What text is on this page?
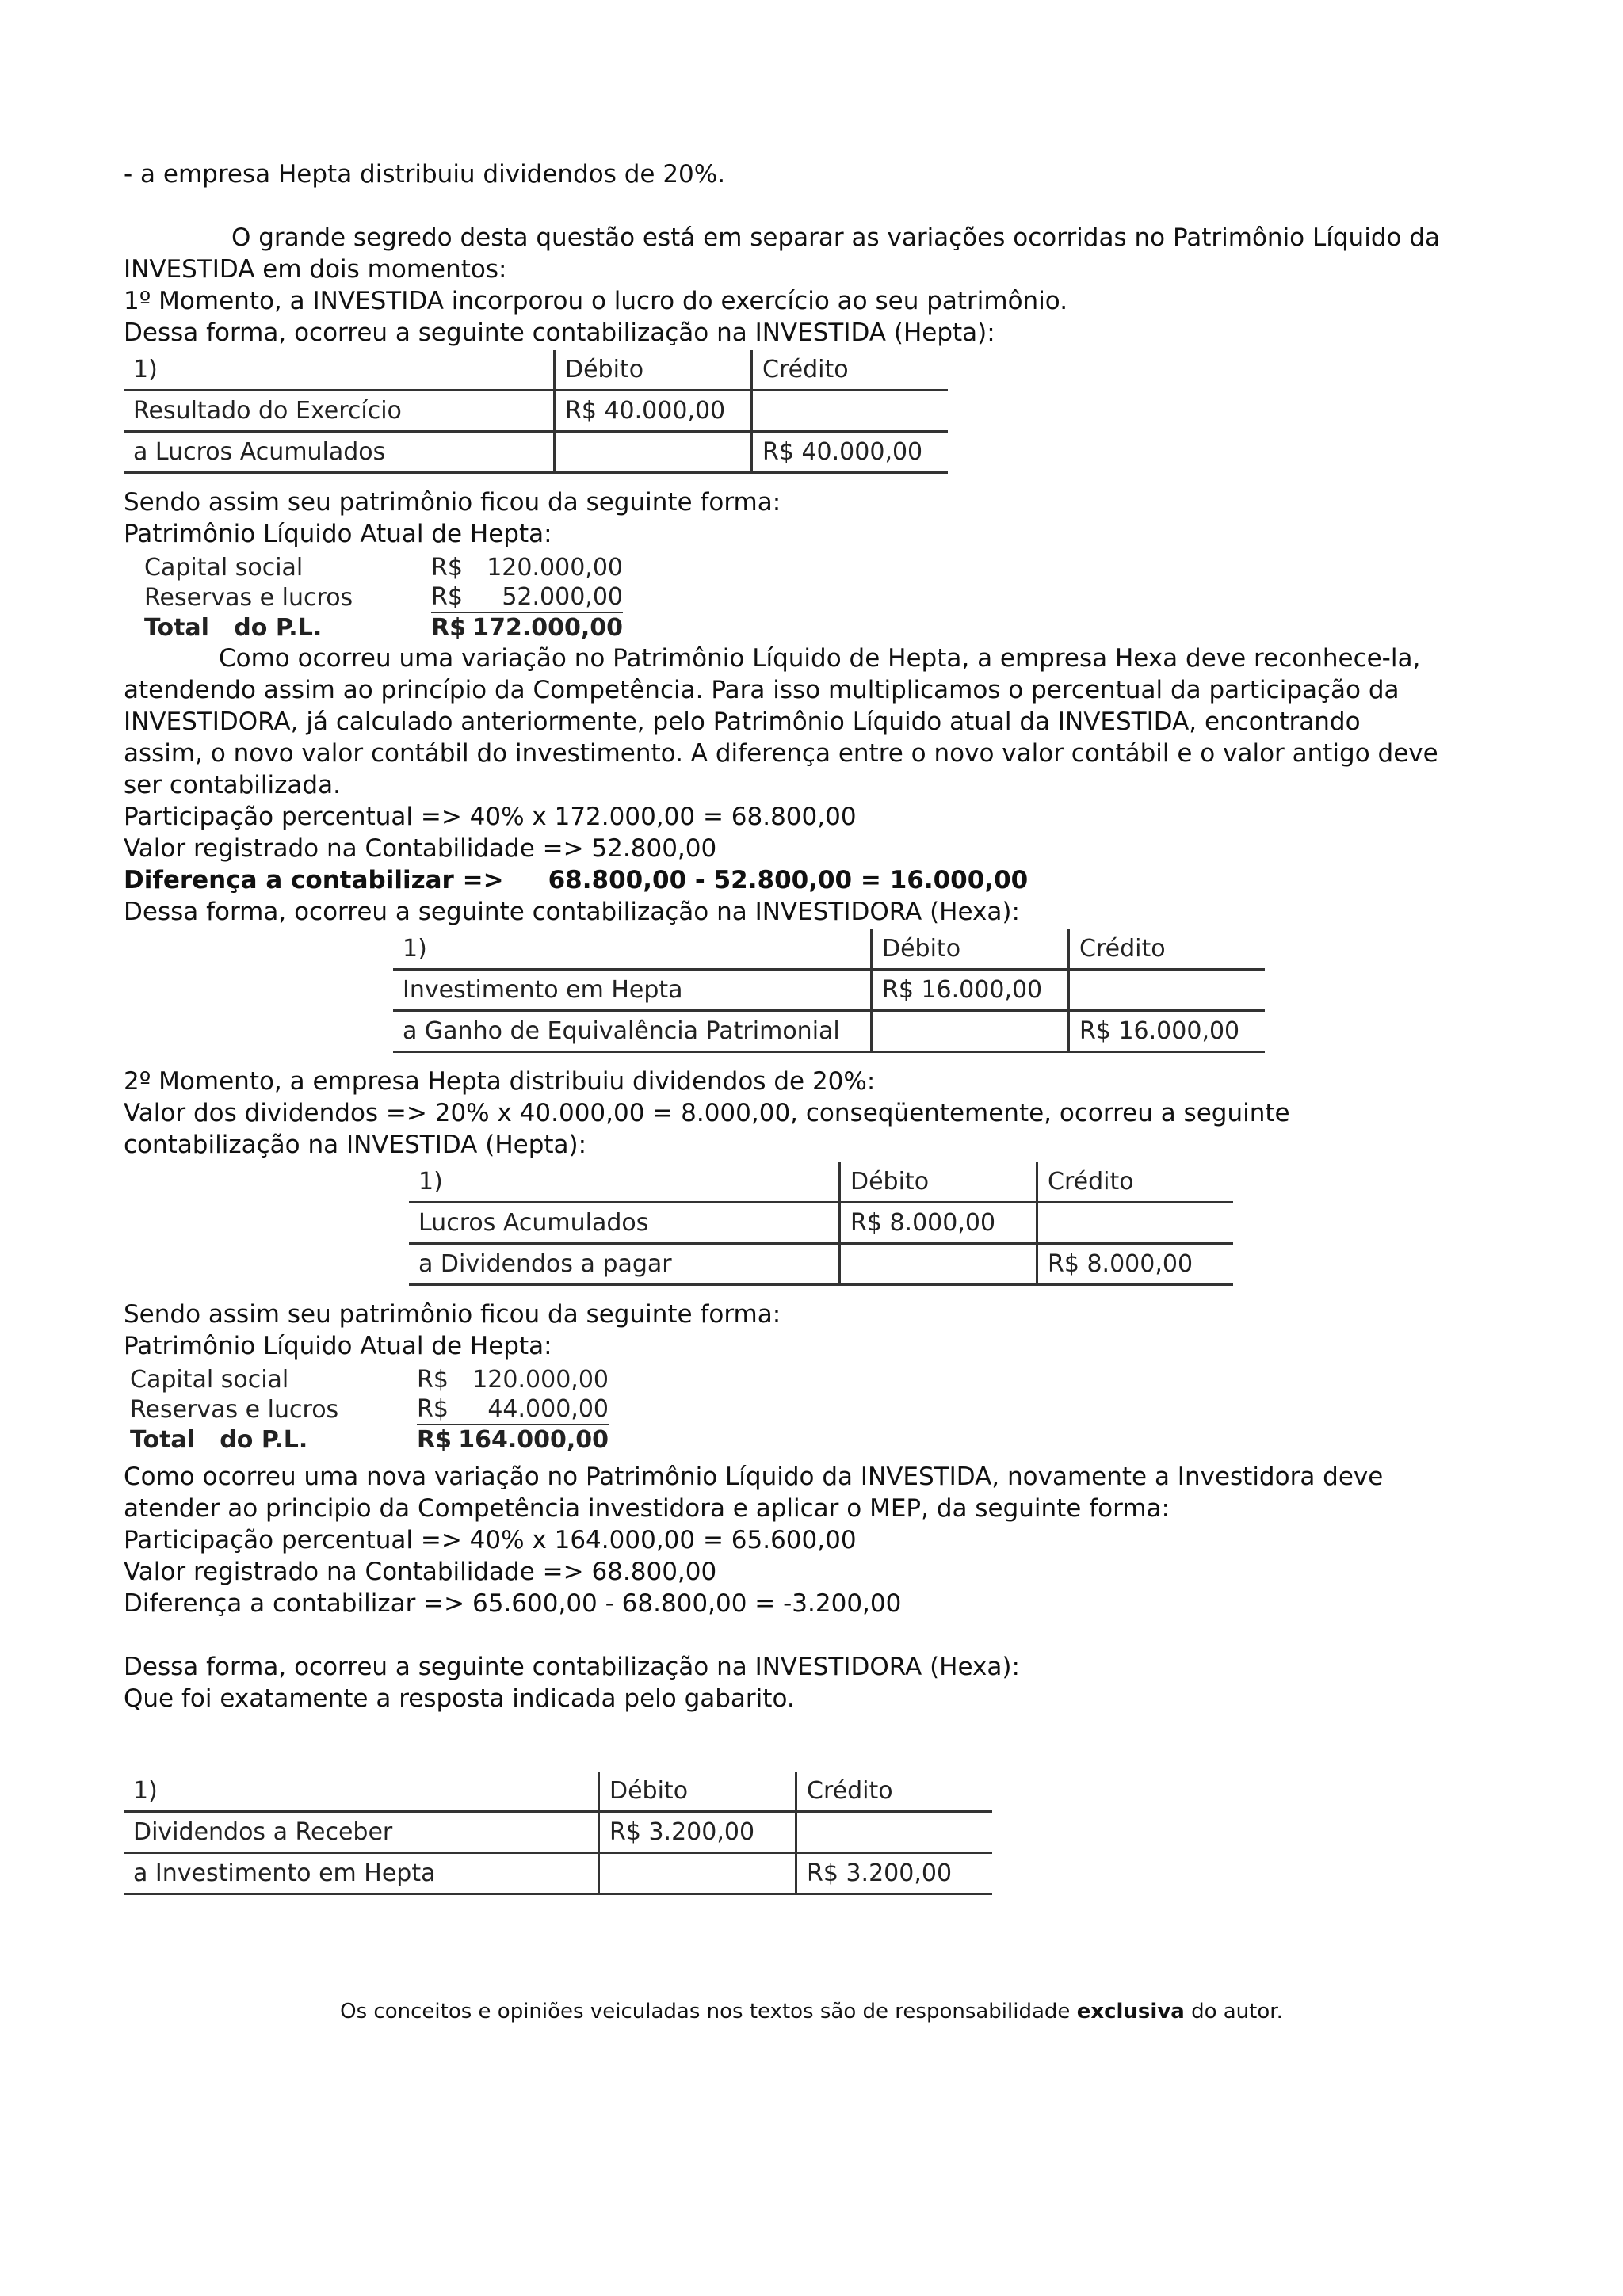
- a empresa Hepta distribuiu dividendos de 20%.

O grande segredo desta questão está em separar as variações ocorridas no Patrimônio Líquido da

INVESTIDA em dois momentos:

1º Momento, a INVESTIDA incorporou o lucro do exercício ao seu patrimônio.

Dessa forma, ocorreu a seguinte contabilização na INVESTIDA (Hepta):

1)	Débito	Crédito
Resultado do Exercício	R$ 40.000,00	
a Lucros Acumulados		R$ 40.000,00

Sendo assim seu patrimônio ficou da seguinte forma:

Patrimônio Líquido Atual de Hepta:

Capital social	R$	120.000,00
Reservas e lucros	R$	52.000,00
Total   do P.L.	R$	172.000,00

Como ocorreu uma variação no Patrimônio Líquido de Hepta, a empresa Hexa deve reconhece-la,

atendendo assim ao princípio da Competência. Para isso multiplicamos o percentual da participação da

INVESTIDORA, já calculado anteriormente, pelo Patrimônio Líquido atual da INVESTIDA, encontrando

assim, o novo valor contábil do investimento. A diferença entre o novo valor contábil e o valor antigo deve

ser contabilizada.

Participação percentual => 40% x 172.000,00 = 68.800,00

Valor registrado na Contabilidade => 52.800,00

Diferença a contabilizar => 68.800,00 - 52.800,00 = 16.000,00

Dessa forma, ocorreu a seguinte contabilização na INVESTIDORA (Hexa):

1)	Débito	Crédito
Investimento em Hepta	R$ 16.000,00	
a Ganho de Equivalência Patrimonial		R$ 16.000,00

2º Momento, a empresa Hepta distribuiu dividendos de 20%:

Valor dos dividendos => 20% x 40.000,00 = 8.000,00, conseqüentemente, ocorreu a seguinte

contabilização na INVESTIDA (Hepta):

1)	Débito	Crédito
Lucros Acumulados	R$ 8.000,00	
a Dividendos a pagar		R$ 8.000,00

Sendo assim seu patrimônio ficou da seguinte forma:

Patrimônio Líquido Atual de Hepta:

Capital social	R$	120.000,00
Reservas e lucros	R$	44.000,00
Total   do P.L.	R$	164.000,00

Como ocorreu uma nova variação no Patrimônio Líquido da INVESTIDA, novamente a Investidora deve

atender ao principio da Competência investidora e aplicar o MEP, da seguinte forma:

Participação percentual => 40% x 164.000,00 = 65.600,00

Valor registrado na Contabilidade => 68.800,00

Diferença a contabilizar => 65.600,00 - 68.800,00 = -3.200,00

Dessa forma, ocorreu a seguinte contabilização na INVESTIDORA (Hexa):

Que foi exatamente a resposta indicada pelo gabarito.

1)	Débito	Crédito
Dividendos a Receber	R$ 3.200,00	
a Investimento em Hepta		R$ 3.200,00
Os conceitos e opiniões veiculadas nos textos são de responsabilidade exclusiva do autor.
